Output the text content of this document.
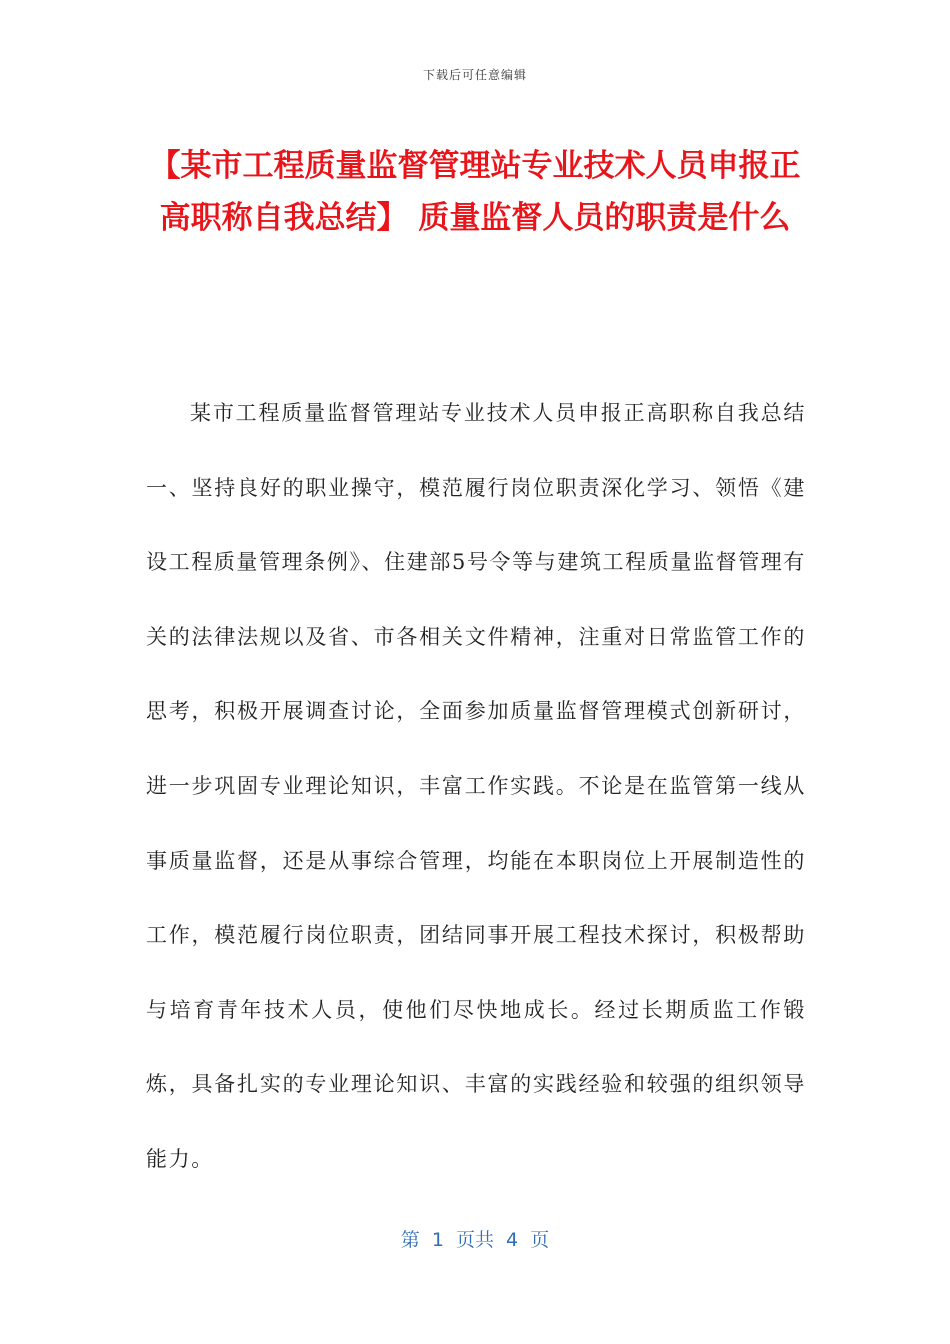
下载后可任意编辑
【某市工程质量监督管理站专业技术人员申报正高职称自我总结】 质量监督人员的职责是什么

某市工程质量监督管理站专业技术人员申报正高职称自我总结一、坚持良好的职业操守，模范履行岗位职责深化学习、领悟《建设工程质量管理条例》、住建部5号令等与建筑工程质量监督管理有关的法律法规以及省、市各相关文件精神，注重对日常监管工作的思考，积极开展调查讨论，全面参加质量监督管理模式创新研讨，进一步巩固专业理论知识，丰富工作实践。不论是在监管第一线从事质量监督，还是从事综合管理，均能在本职岗位上开展制造性的工作，模范履行岗位职责，团结同事开展工程技术探讨，积极帮助与培育青年技术人员，使他们尽快地成长。经过长期质监工作锻炼，具备扎实的专业理论知识、丰富的实践经验和较强的组织领导能力。

第 1 页共 4 页
